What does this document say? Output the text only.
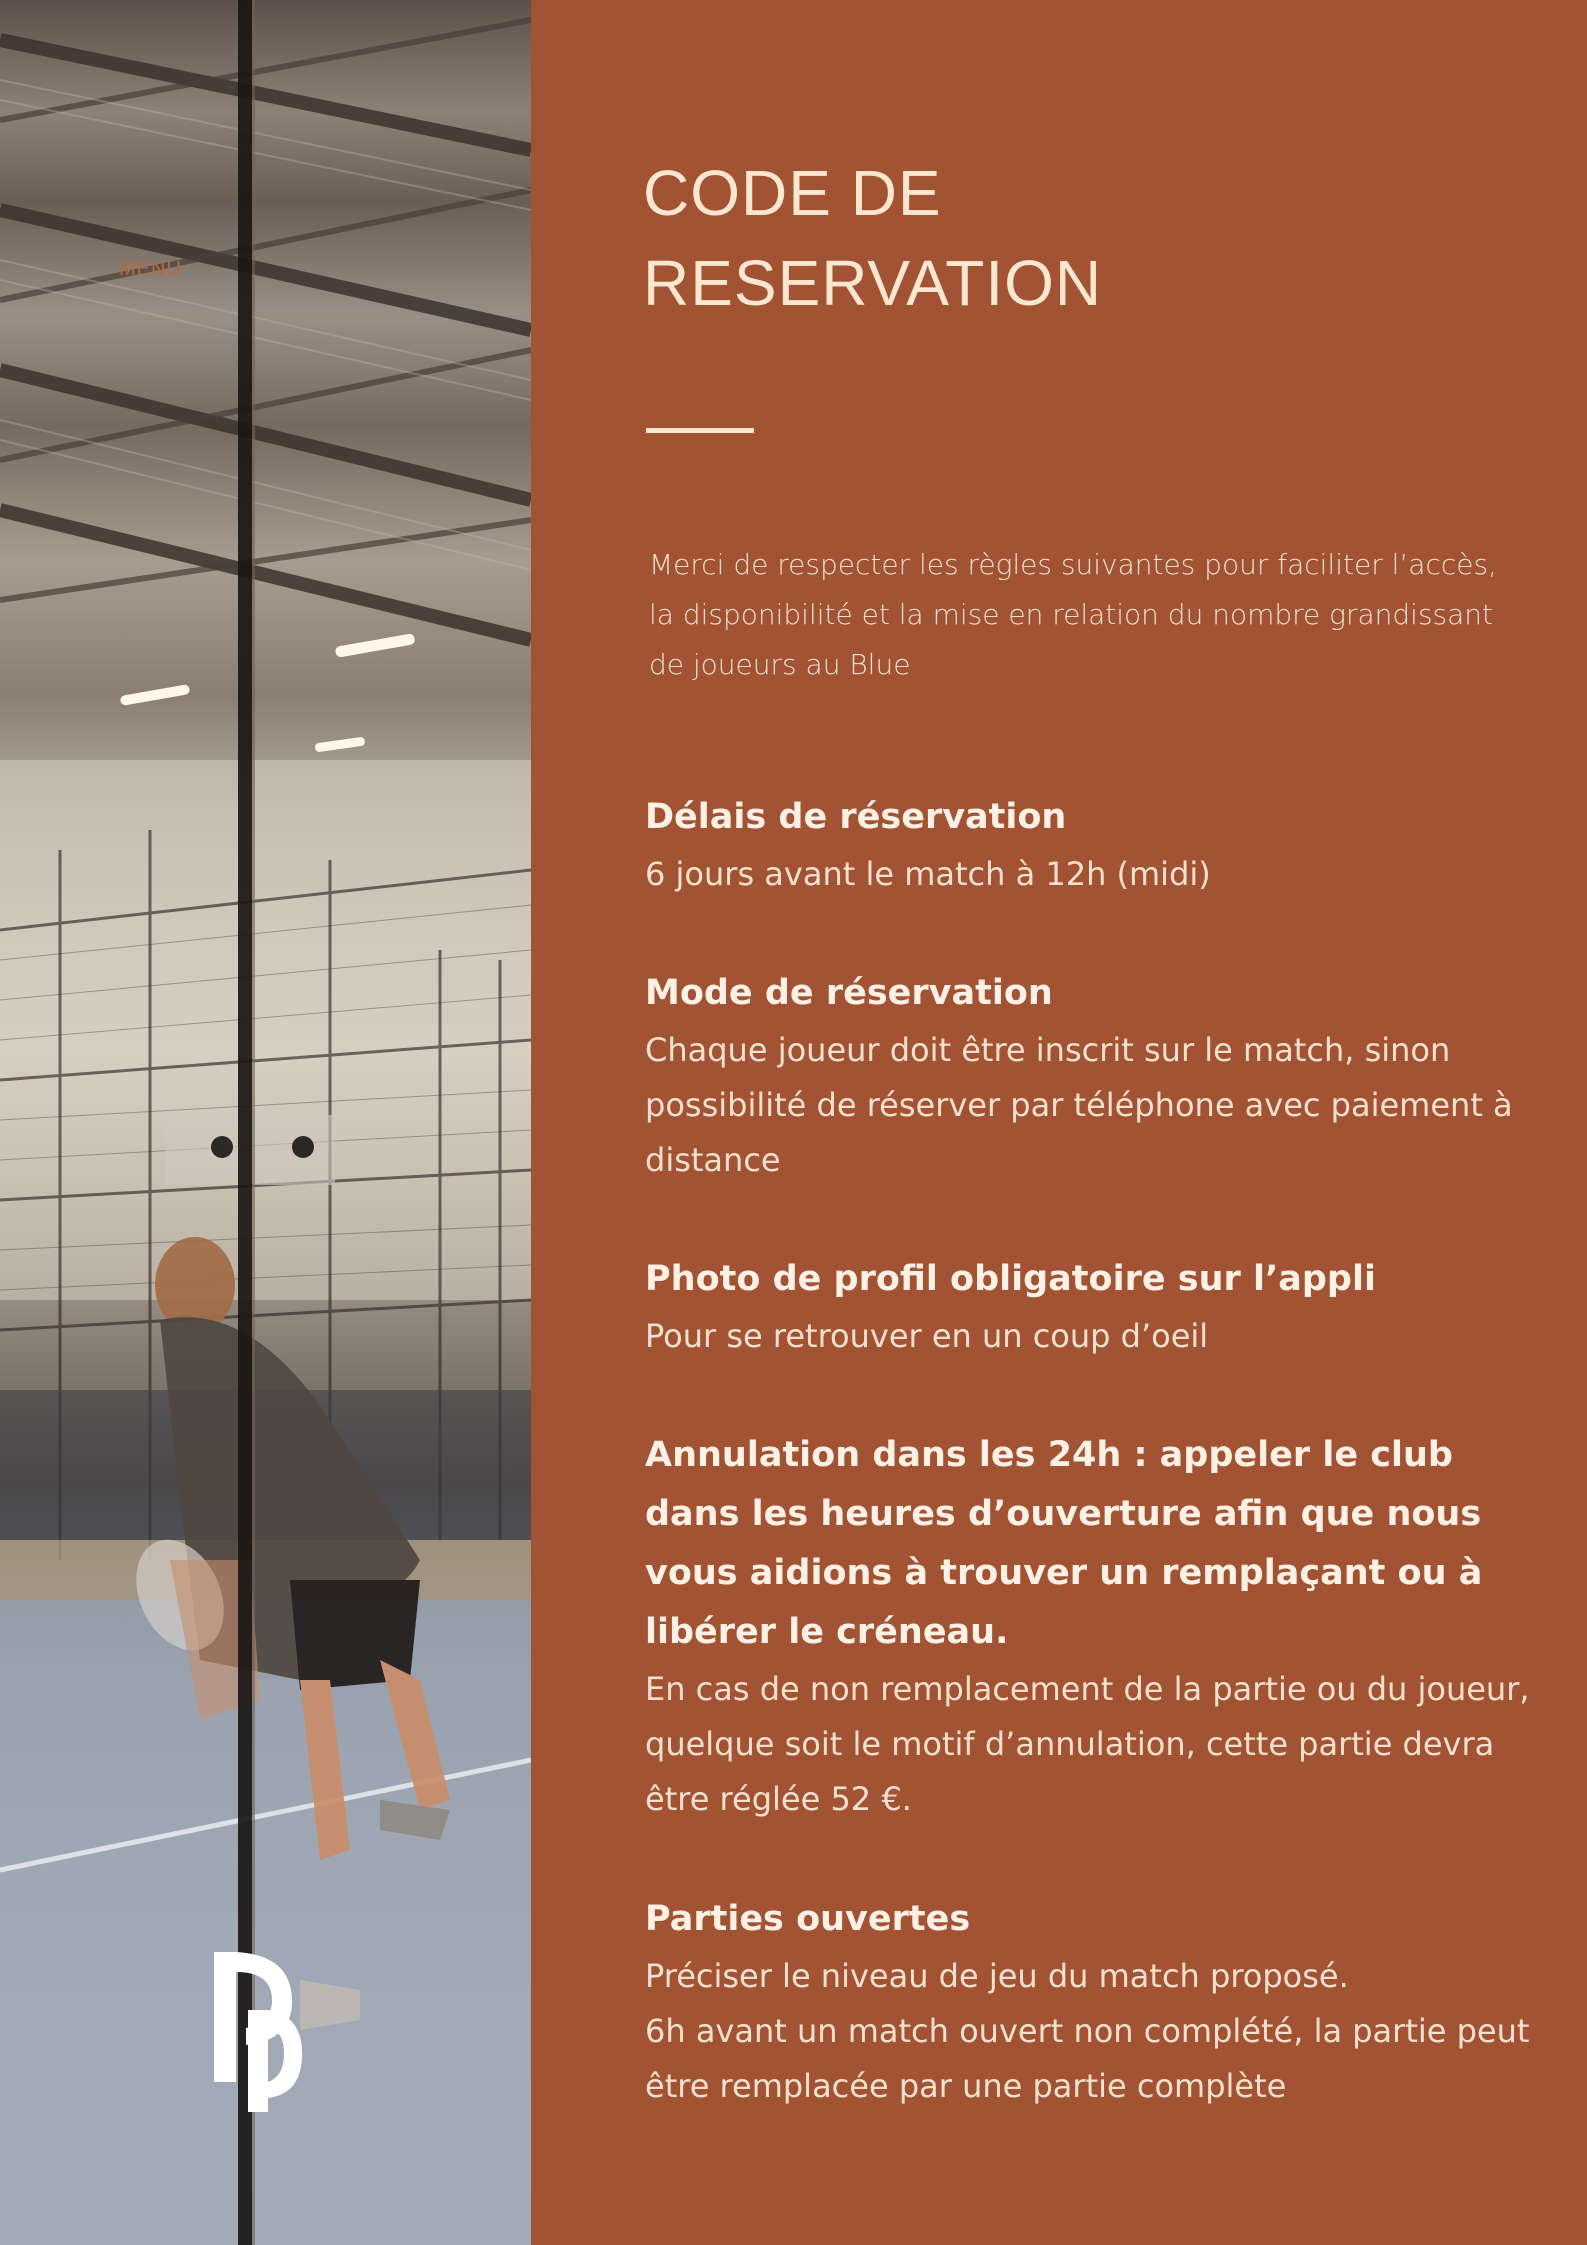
MENU
CODE DE
RESERVATION

Merci de respecter les règles suivantes pour faciliter l’accès, la disponibilité et la mise en relation du nombre grandissant de joueurs au Blue

Délais de réservation

6 jours avant le match à 12h (midi)

Mode de réservation

Chaque joueur doit être inscrit sur le match, sinon possibilité de réserver par téléphone avec paiement à distance

Photo de profil obligatoire sur l’appli

Pour se retrouver en un coup d’oeil

Annulation dans les 24h : appeler le club dans les heures d’ouverture afin que nous vous aidions à trouver un remplaçant ou à libérer le créneau.

En cas de non remplacement de la partie ou du joueur, quelque soit le motif d’annulation, cette partie devra être réglée 52 €.

Parties ouvertes

Préciser le niveau de jeu du match proposé.
6h avant un match ouvert non complété, la partie peut être remplacée par une partie complète
